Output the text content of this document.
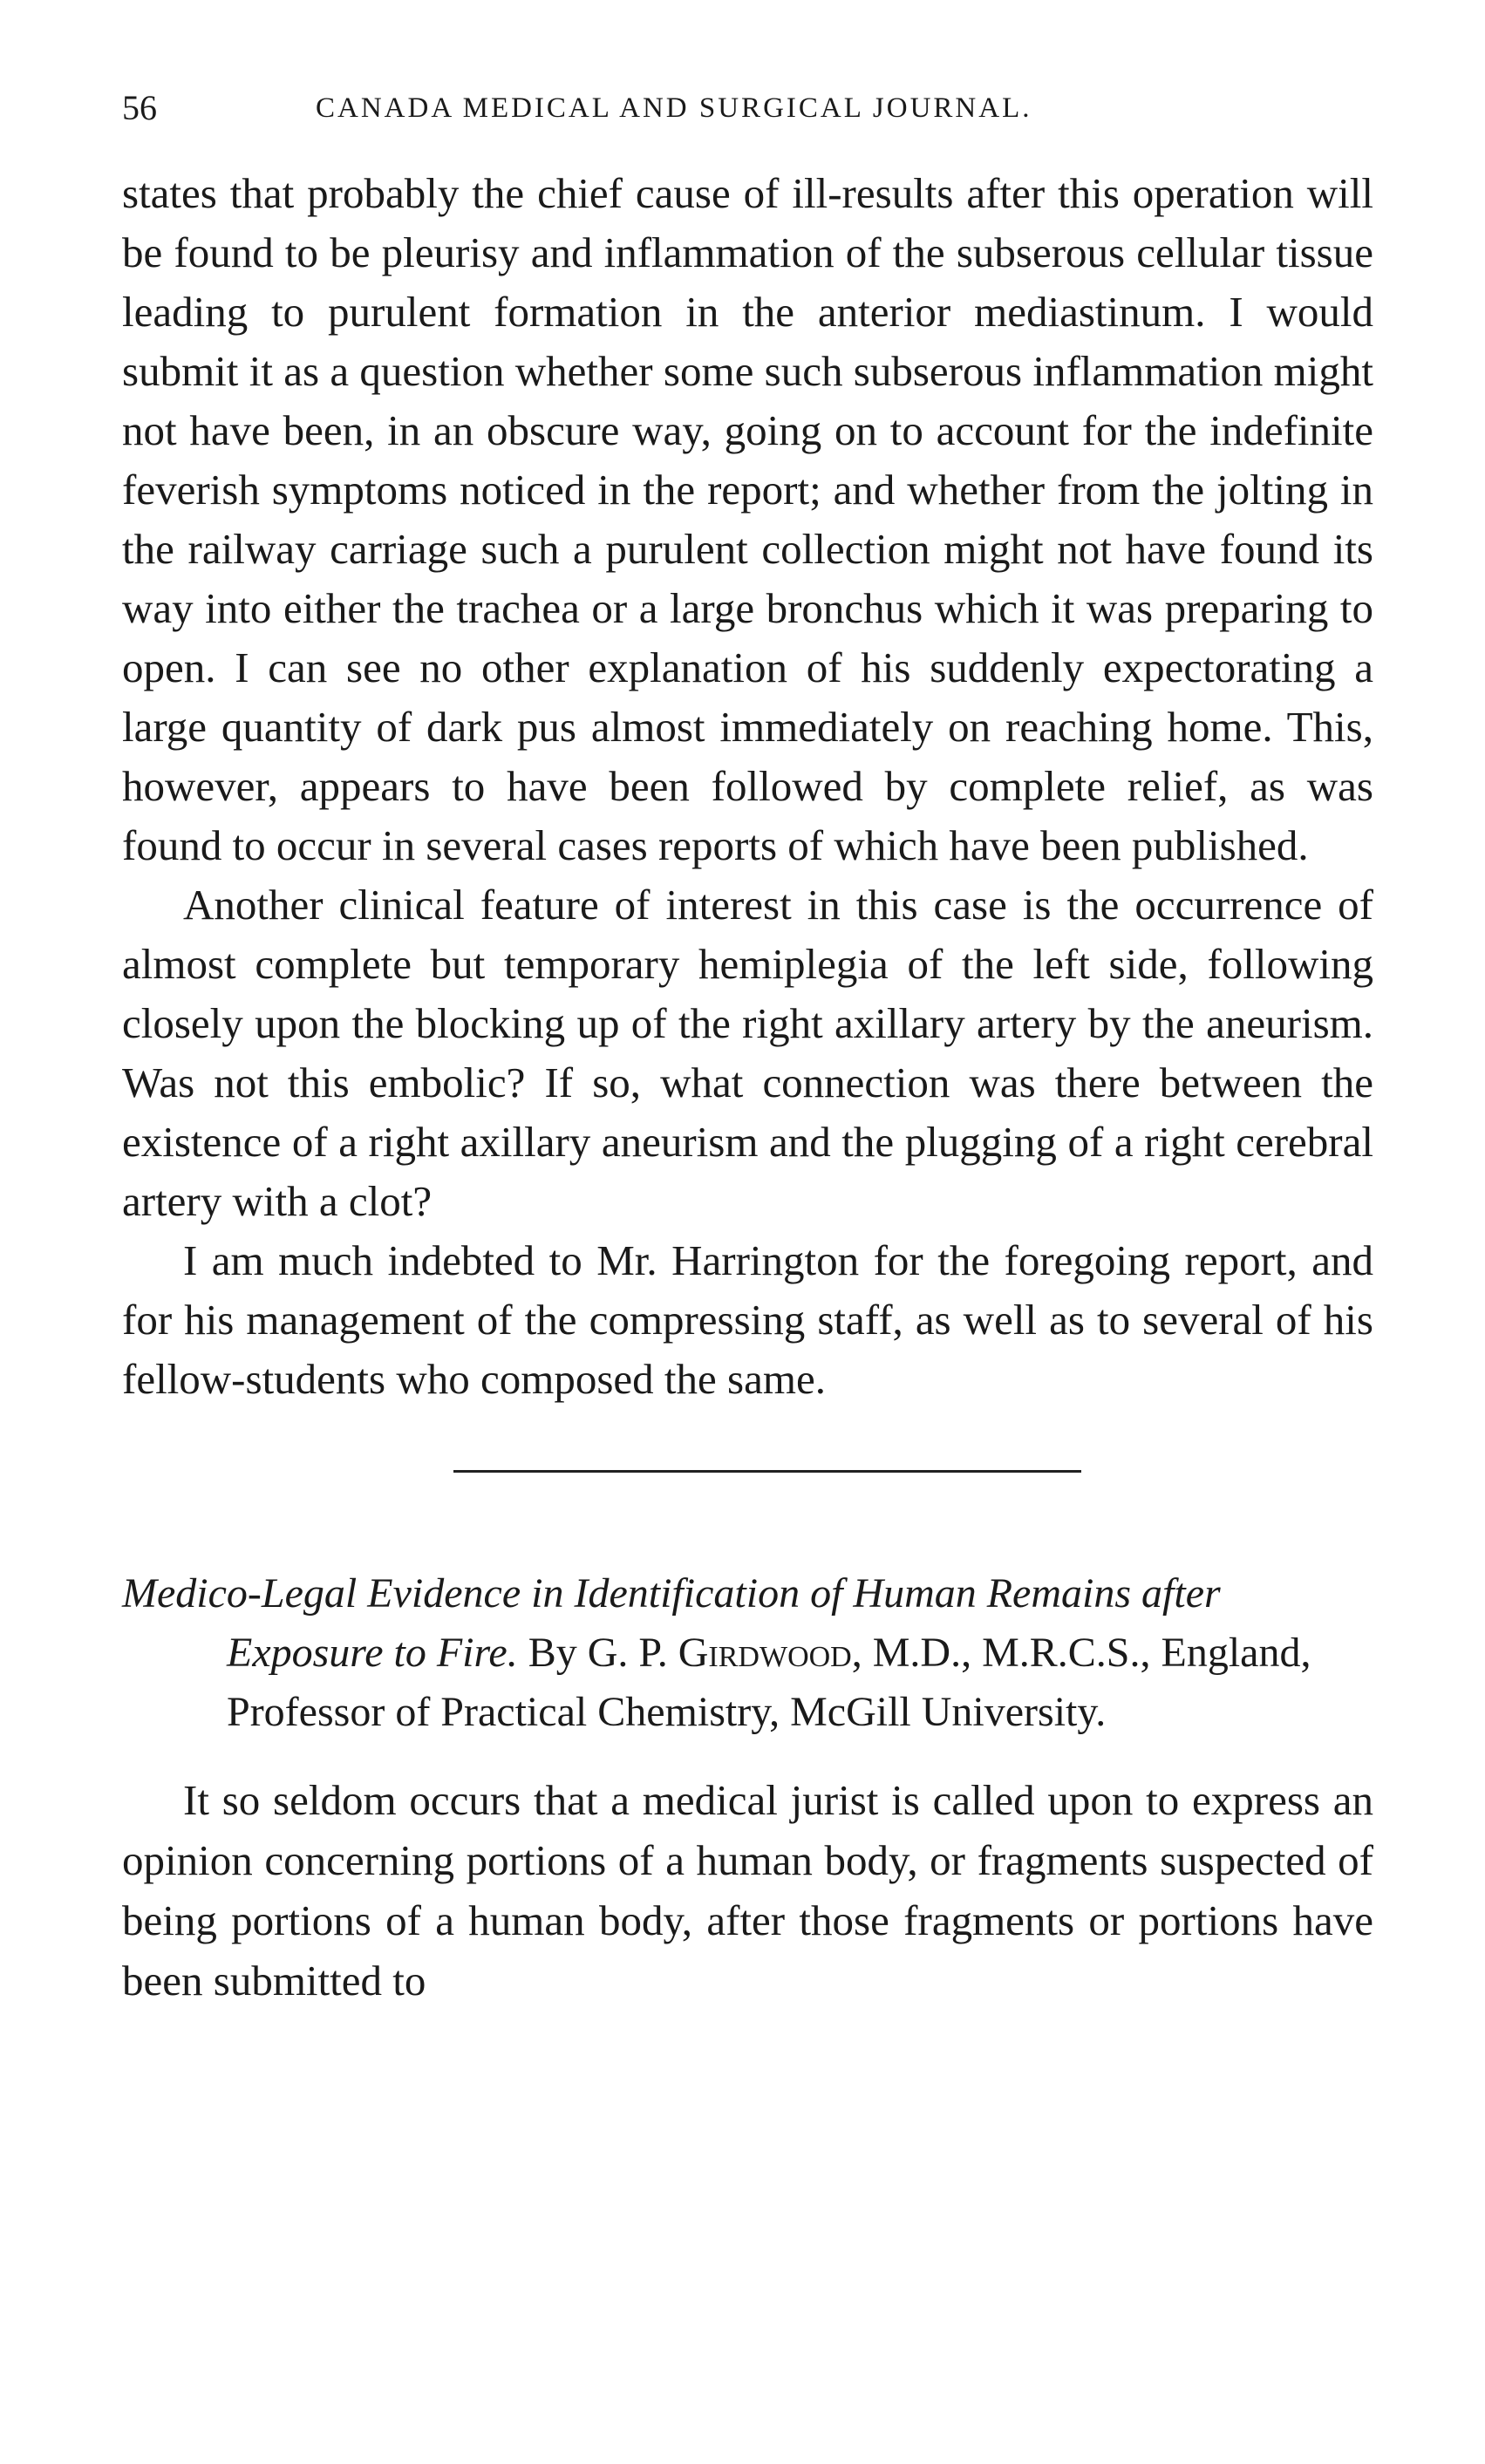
56	CANADA MEDICAL AND SURGICAL JOURNAL.

states that probably the chief cause of ill-results after this operation will be found to be pleurisy and inflammation of the subserous cellular tissue leading to purulent formation in the anterior mediastinum. I would submit it as a question whether some such subserous inflammation might not have been, in an obscure way, going on to account for the indefinite feverish symptoms noticed in the report; and whether from the jolting in the railway carriage such a purulent collection might not have found its way into either the trachea or a large bronchus which it was preparing to open. I can see no other explanation of his suddenly expectorating a large quantity of dark pus almost immediately on reaching home. This, however, appears to have been followed by complete relief, as was found to occur in several cases reports of which have been published.

Another clinical feature of interest in this case is the occurrence of almost complete but temporary hemiplegia of the left side, following closely upon the blocking up of the right axillary artery by the aneurism. Was not this embolic? If so, what connection was there between the existence of a right axillary aneurism and the plugging of a right cerebral artery with a clot?

I am much indebted to Mr. Harrington for the foregoing report, and for his management of the compressing staff, as well as to several of his fellow-students who composed the same.

Medico-Legal Evidence in Identification of Human Remains after Exposure to Fire. By G. P. Girdwood, M.D., M.R.C.S., England, Professor of Practical Chemistry, McGill University.

It so seldom occurs that a medical jurist is called upon to express an opinion concerning portions of a human body, or fragments suspected of being portions of a human body, after those fragments or portions have been submitted to
